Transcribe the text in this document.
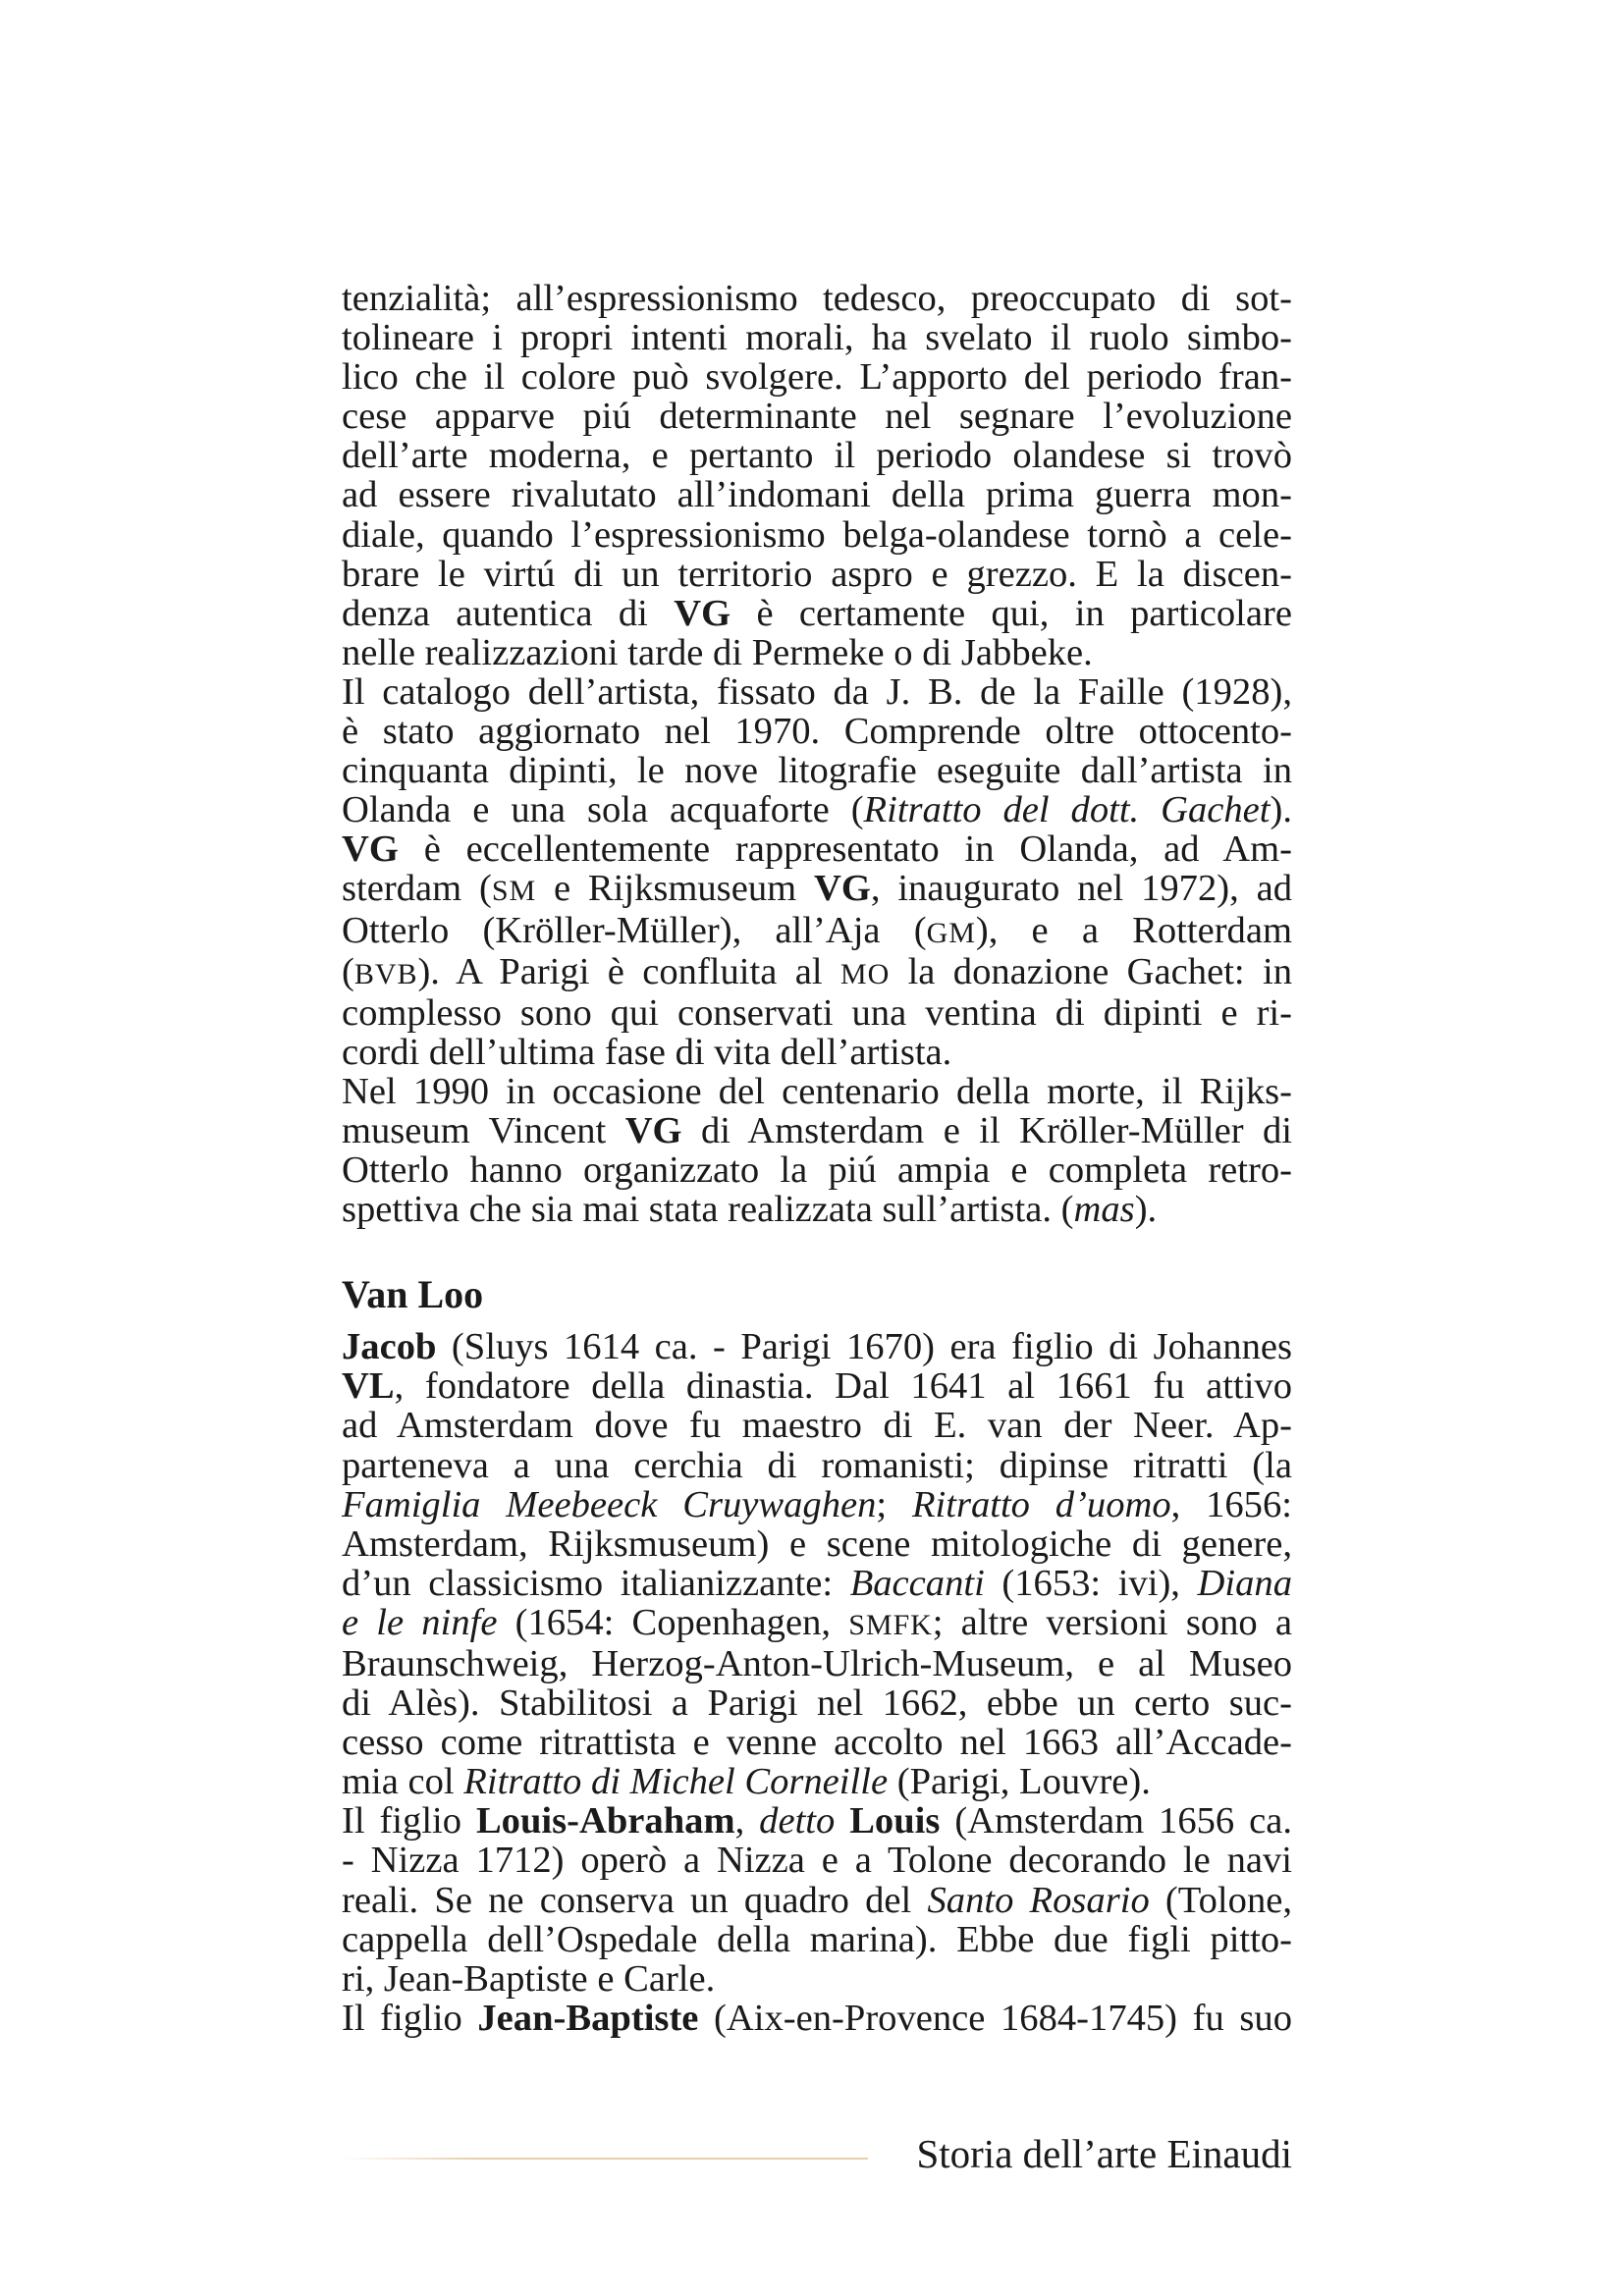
tenzialità; all’espressionismo tedesco, preoccupato di sot-
tolineare i propri intenti morali, ha svelato il ruolo simbo-
lico che il colore può svolgere. L’apporto del periodo fran-
cese apparve piú determinante nel segnare l’evoluzione
dell’arte moderna, e pertanto il periodo olandese si trovò
ad essere rivalutato all’indomani della prima guerra mon-
diale, quando l’espressionismo belga-olandese tornò a cele-
brare le virtú di un territorio aspro e grezzo. E la discen-
denza autentica di VG è certamente qui, in particolare
nelle realizzazioni tarde di Permeke o di Jabbeke.
Il catalogo dell’artista, fissato da J. B. de la Faille (1928),
è stato aggiornato nel 1970. Comprende oltre ottocento-
cinquanta dipinti, le nove litografie eseguite dall’artista in
Olanda e una sola acquaforte (Ritratto del dott. Gachet).
VG è eccellentemente rappresentato in Olanda, ad Am-
sterdam (SM e Rijksmuseum VG, inaugurato nel 1972), ad
Otterlo (Kröller-Müller), all’Aja (GM), e a Rotterdam
(BVB). A Parigi è confluita al MO la donazione Gachet: in
complesso sono qui conservati una ventina di dipinti e ri-
cordi dell’ultima fase di vita dell’artista.
Nel 1990 in occasione del centenario della morte, il Rijks-
museum Vincent VG di Amsterdam e il Kröller-Müller di
Otterlo hanno organizzato la piú ampia e completa retro-
spettiva che sia mai stata realizzata sull’artista. (mas).
Van Loo
Jacob (Sluys 1614 ca. - Parigi 1670) era figlio di Johannes
VL, fondatore della dinastia. Dal 1641 al 1661 fu attivo
ad Amsterdam dove fu maestro di E. van der Neer. Ap-
parteneva a una cerchia di romanisti; dipinse ritratti (la
Famiglia Meebeeck Cruywaghen; Ritratto d’uomo, 1656:
Amsterdam, Rijksmuseum) e scene mitologiche di genere,
d’un classicismo italianizzante: Baccanti (1653: ivi), Diana
e le ninfe (1654: Copenhagen, SMFK; altre versioni sono a
Braunschweig, Herzog-Anton-Ulrich-Museum, e al Museo
di Alès). Stabilitosi a Parigi nel 1662, ebbe un certo suc-
cesso come ritrattista e venne accolto nel 1663 all’Accade-
mia col Ritratto di Michel Corneille (Parigi, Louvre).
Il figlio Louis-Abraham, detto Louis (Amsterdam 1656 ca.
- Nizza 1712) operò a Nizza e a Tolone decorando le navi
reali. Se ne conserva un quadro del Santo Rosario (Tolone,
cappella dell’Ospedale della marina). Ebbe due figli pitto-
ri, Jean-Baptiste e Carle.
Il figlio Jean-Baptiste (Aix-en-Provence 1684-1745) fu suo
Storia dell’arte Einaudi
